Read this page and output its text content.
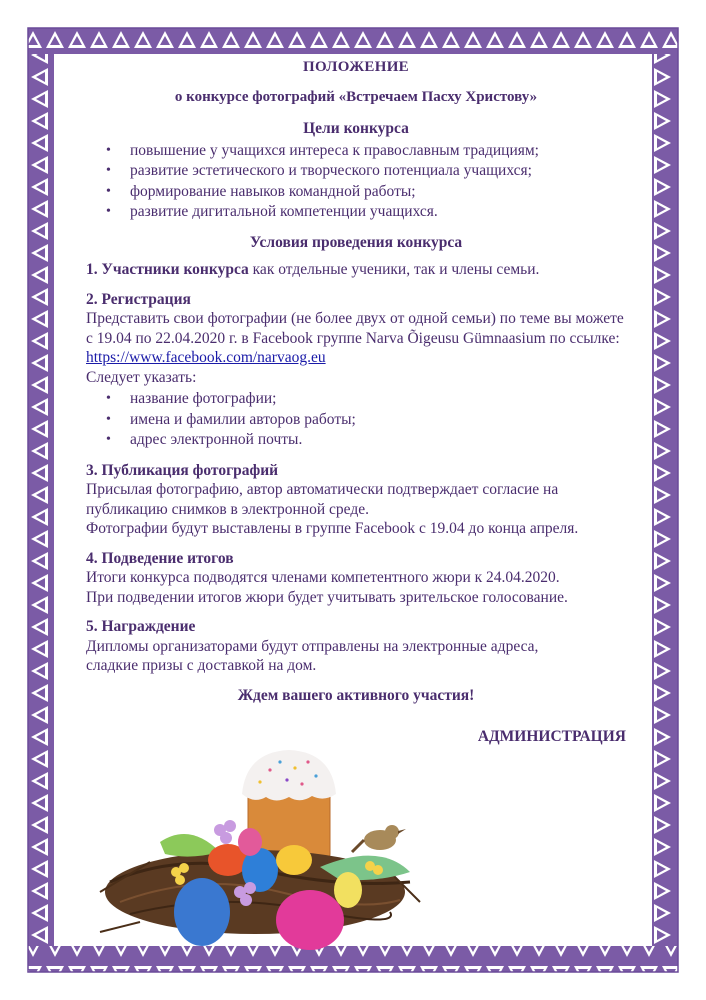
ПОЛОЖЕНИЕ
о конкурсе фотографий «Встречаем Пасху Христову»
Цели конкурса
• повышение у учащихся интереса к православным традициям;
• развитие эстетического и творческого потенциала учащихся;
• формирование навыков командной работы;
• развитие дигитальной компетенции учащихся.
Условия проведения конкурса
1. Участники конкурса как отдельные ученики, так и члены семьи.
2. Регистрация

Представить свои фотографии (не более двух от одной семьи) по теме вы можете с 19.04 по 22.04.2020 г. в Facebook группе Narva Õigeusu Gümnaasium по ссылке: https://www.facebook.com/narvaog.eu

Следует указать:

• название фотографии;
• имена и фамилии авторов работы;
• адрес электронной почты.
3. Публикация фотографий

Присылая фотографию, автор автоматически подтверждает согласие на публикацию снимков в электронной среде.

Фотографии будут выставлены в группе Facebook с 19.04 до конца апреля.

4. Подведение итогов

Итоги конкурса подводятся членами компетентного жюри к 24.04.2020.

При подведении итогов жюри будет учитывать зрительское голосование.

5. Награждение

Дипломы организаторами будут отправлены на электронные адреса,

сладкие призы с доставкой на дом.

Ждем вашего активного участия!
АДМИНИСТРАЦИЯ
